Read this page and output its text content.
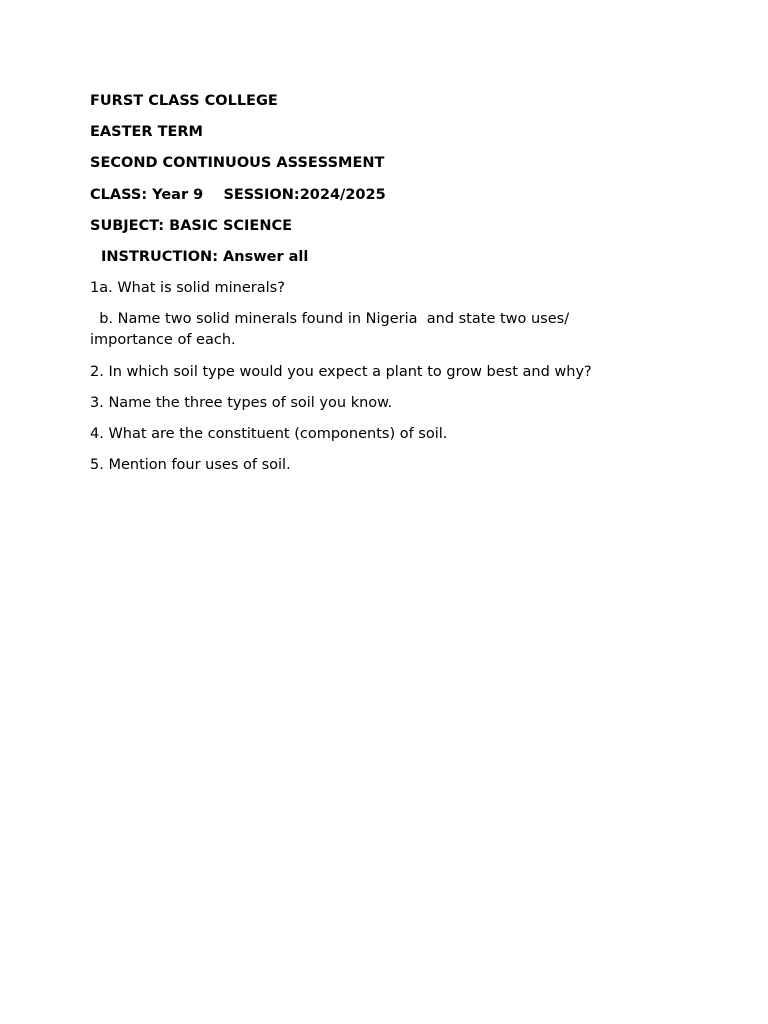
FURST CLASS COLLEGE
EASTER TERM
SECOND CONTINUOUS ASSESSMENT
CLASS: Year 9    SESSION:2024/2025
SUBJECT: BASIC SCIENCE
INSTRUCTION: Answer all
1a. What is solid minerals?
b. Name two solid minerals found in Nigeria  and state two uses/ importance of each.
2. In which soil type would you expect a plant to grow best and why?
3. Name the three types of soil you know.
4. What are the constituent (components) of soil.
5. Mention four uses of soil.
